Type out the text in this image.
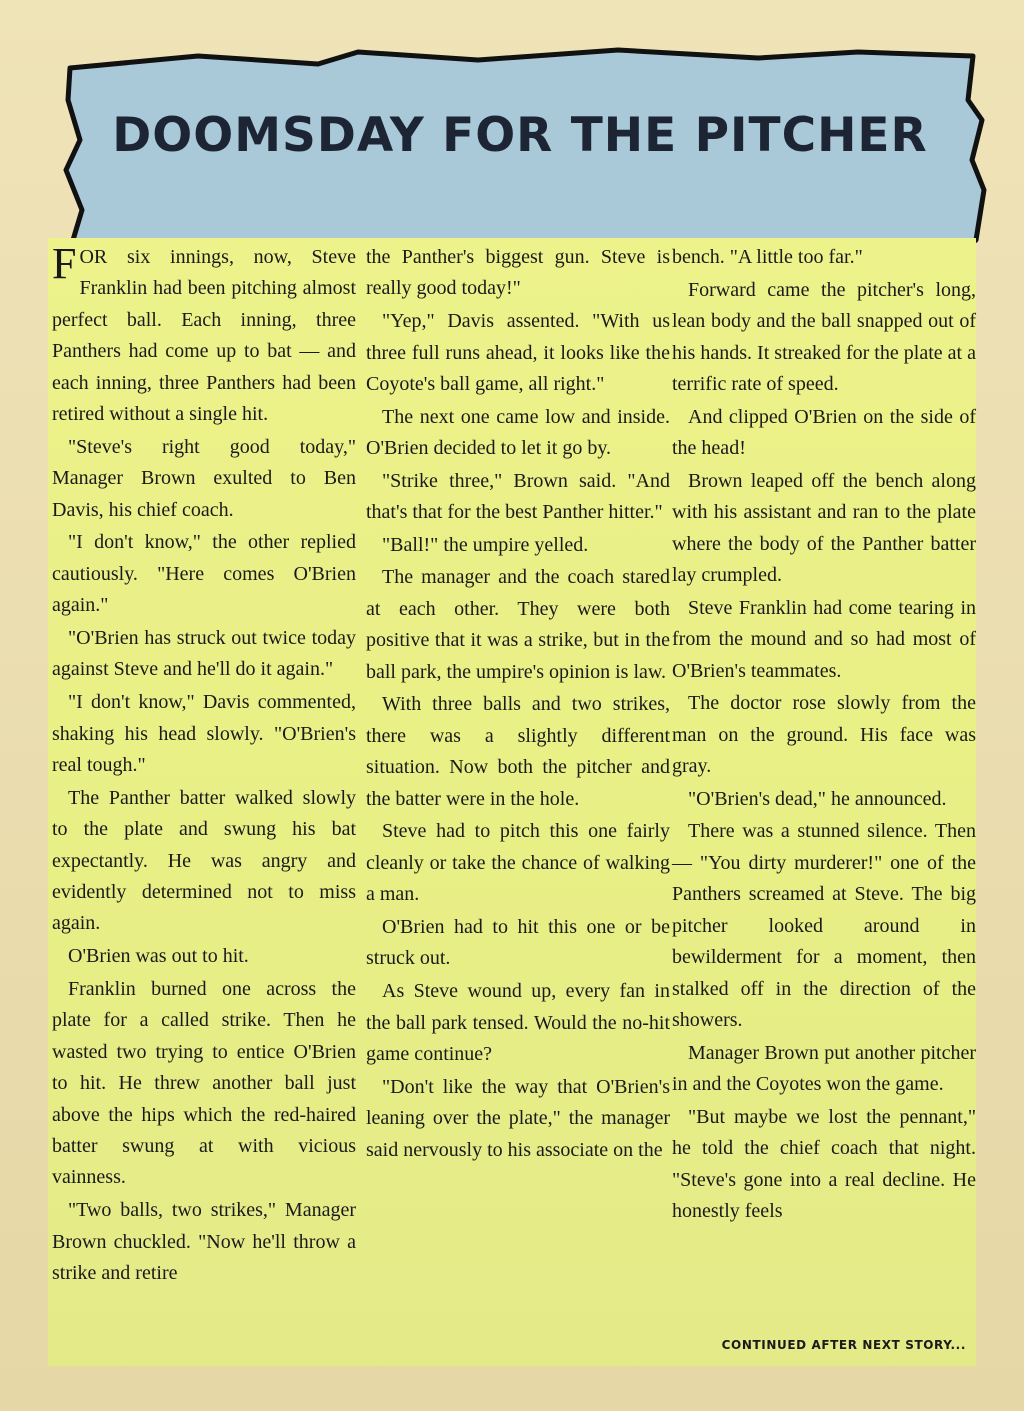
DOOMSDAY FOR THE PITCHER

FOR six innings, now, Steve Franklin had been pitching almost perfect ball. Each inning, three Panthers had come up to bat — and each inning, three Panthers had been retired without a single hit.

"Steve's right good today," Manager Brown exulted to Ben Davis, his chief coach.

"I don't know," the other replied cautiously. "Here comes O'Brien again."

"O'Brien has struck out twice today against Steve and he'll do it again."

"I don't know," Davis commented, shaking his head slowly. "O'Brien's real tough."

The Panther batter walked slowly to the plate and swung his bat expectantly. He was angry and evidently determined not to miss again.

O'Brien was out to hit.

Franklin burned one across the plate for a called strike. Then he wasted two trying to entice O'Brien to hit. He threw another ball just above the hips which the red-haired batter swung at with vicious vainness.

"Two balls, two strikes," Manager Brown chuckled. "Now he'll throw a strike and retire

the Panther's biggest gun. Steve is really good today!"

"Yep," Davis assented. "With us three full runs ahead, it looks like the Coyote's ball game, all right."

The next one came low and inside. O'Brien decided to let it go by.

"Strike three," Brown said. "And that's that for the best Panther hitter."

"Ball!" the umpire yelled.

The manager and the coach stared at each other. They were both positive that it was a strike, but in the ball park, the umpire's opinion is law.

With three balls and two strikes, there was a slightly different situation. Now both the pitcher and the batter were in the hole.

Steve had to pitch this one fairly cleanly or take the chance of walking a man.

O'Brien had to hit this one or be struck out.

As Steve wound up, every fan in the ball park tensed. Would the no-hit game continue?

"Don't like the way that O'Brien's leaning over the plate," the manager said nervously to his associate on the

bench. "A little too far."

Forward came the pitcher's long, lean body and the ball snapped out of his hands. It streaked for the plate at a terrific rate of speed.

And clipped O'Brien on the side of the head!

Brown leaped off the bench along with his assistant and ran to the plate where the body of the Panther batter lay crumpled.

Steve Franklin had come tearing in from the mound and so had most of O'Brien's teammates.

The doctor rose slowly from the man on the ground. His face was gray.

"O'Brien's dead," he announced.

There was a stunned silence. Then — "You dirty murderer!" one of the Panthers screamed at Steve. The big pitcher looked around in bewilderment for a moment, then stalked off in the direction of the showers.

Manager Brown put another pitcher in and the Coyotes won the game.

"But maybe we lost the pennant," he told the chief coach that night. "Steve's gone into a real decline. He honestly feels

CONTINUED AFTER NEXT STORY...
